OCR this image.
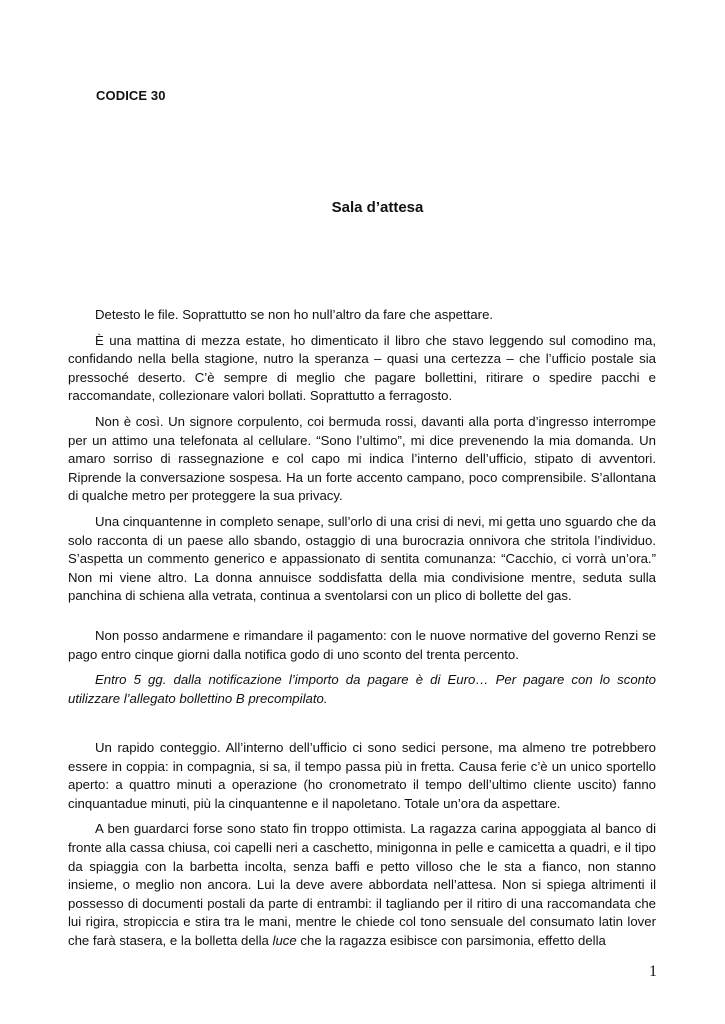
CODICE 30
Sala d’attesa

Detesto le file. Soprattutto se non ho null’altro da fare che aspettare.

È una mattina di mezza estate, ho dimenticato il libro che stavo leggendo sul comodino ma, confidando nella bella stagione, nutro la speranza – quasi una certezza – che l’ufficio postale sia pressoché deserto. C’è sempre di meglio che pagare bollettini, ritirare o spedire pacchi e raccomandate, collezionare valori bollati. Soprattutto a ferragosto.

Non è così. Un signore corpulento, coi bermuda rossi, davanti alla porta d’ingresso interrompe per un attimo una telefonata al cellulare. “Sono l’ultimo”, mi dice prevenendo la mia domanda. Un amaro sorriso di rassegnazione e col capo mi indica l’interno dell’ufficio, stipato di avventori. Riprende la conversazione sospesa. Ha un forte accento campano, poco comprensibile. S’allontana di qualche metro per proteggere la sua privacy.

Una cinquantenne in completo senape, sull’orlo di una crisi di nevi, mi getta uno sguardo che da solo racconta di un paese allo sbando, ostaggio di una burocrazia onnivora che stritola l’individuo. S’aspetta un commento generico e appassionato di sentita comunanza: “Cacchio, ci vorrà un’ora.” Non mi viene altro. La donna annuisce soddisfatta della mia condivisione mentre, seduta sulla panchina di schiena alla vetrata, continua a sventolarsi con un plico di bollette del gas.

Non posso andarmene e rimandare il pagamento: con le nuove normative del governo Renzi se pago entro cinque giorni dalla notifica godo di uno sconto del trenta percento.

Entro 5 gg. dalla notificazione l’importo da pagare è di Euro… Per pagare con lo sconto utilizzare l’allegato bollettino B precompilato.

Un rapido conteggio. All’interno dell’ufficio ci sono sedici persone, ma almeno tre potrebbero essere in coppia: in compagnia, si sa, il tempo passa più in fretta. Causa ferie c’è un unico sportello aperto: a quattro minuti a operazione (ho cronometrato il tempo dell’ultimo cliente uscito) fanno cinquantadue minuti, più la cinquantenne e il napoletano. Totale un’ora da aspettare.

A ben guardarci forse sono stato fin troppo ottimista. La ragazza carina appoggiata al banco di fronte alla cassa chiusa, coi capelli neri a caschetto, minigonna in pelle e camicetta a quadri, e il tipo da spiaggia con la barbetta incolta, senza baffi e petto villoso che le sta a fianco, non stanno insieme, o meglio non ancora. Lui la deve avere abbordata nell’attesa. Non si spiega altrimenti il possesso di documenti postali da parte di entrambi: il tagliando per il ritiro di una raccomandata che lui rigira, stropiccia e stira tra le mani, mentre le chiede col tono sensuale del consumato latin lover che farà stasera, e la bolletta della luce che la ragazza esibisce con parsimonia, effetto della

1
